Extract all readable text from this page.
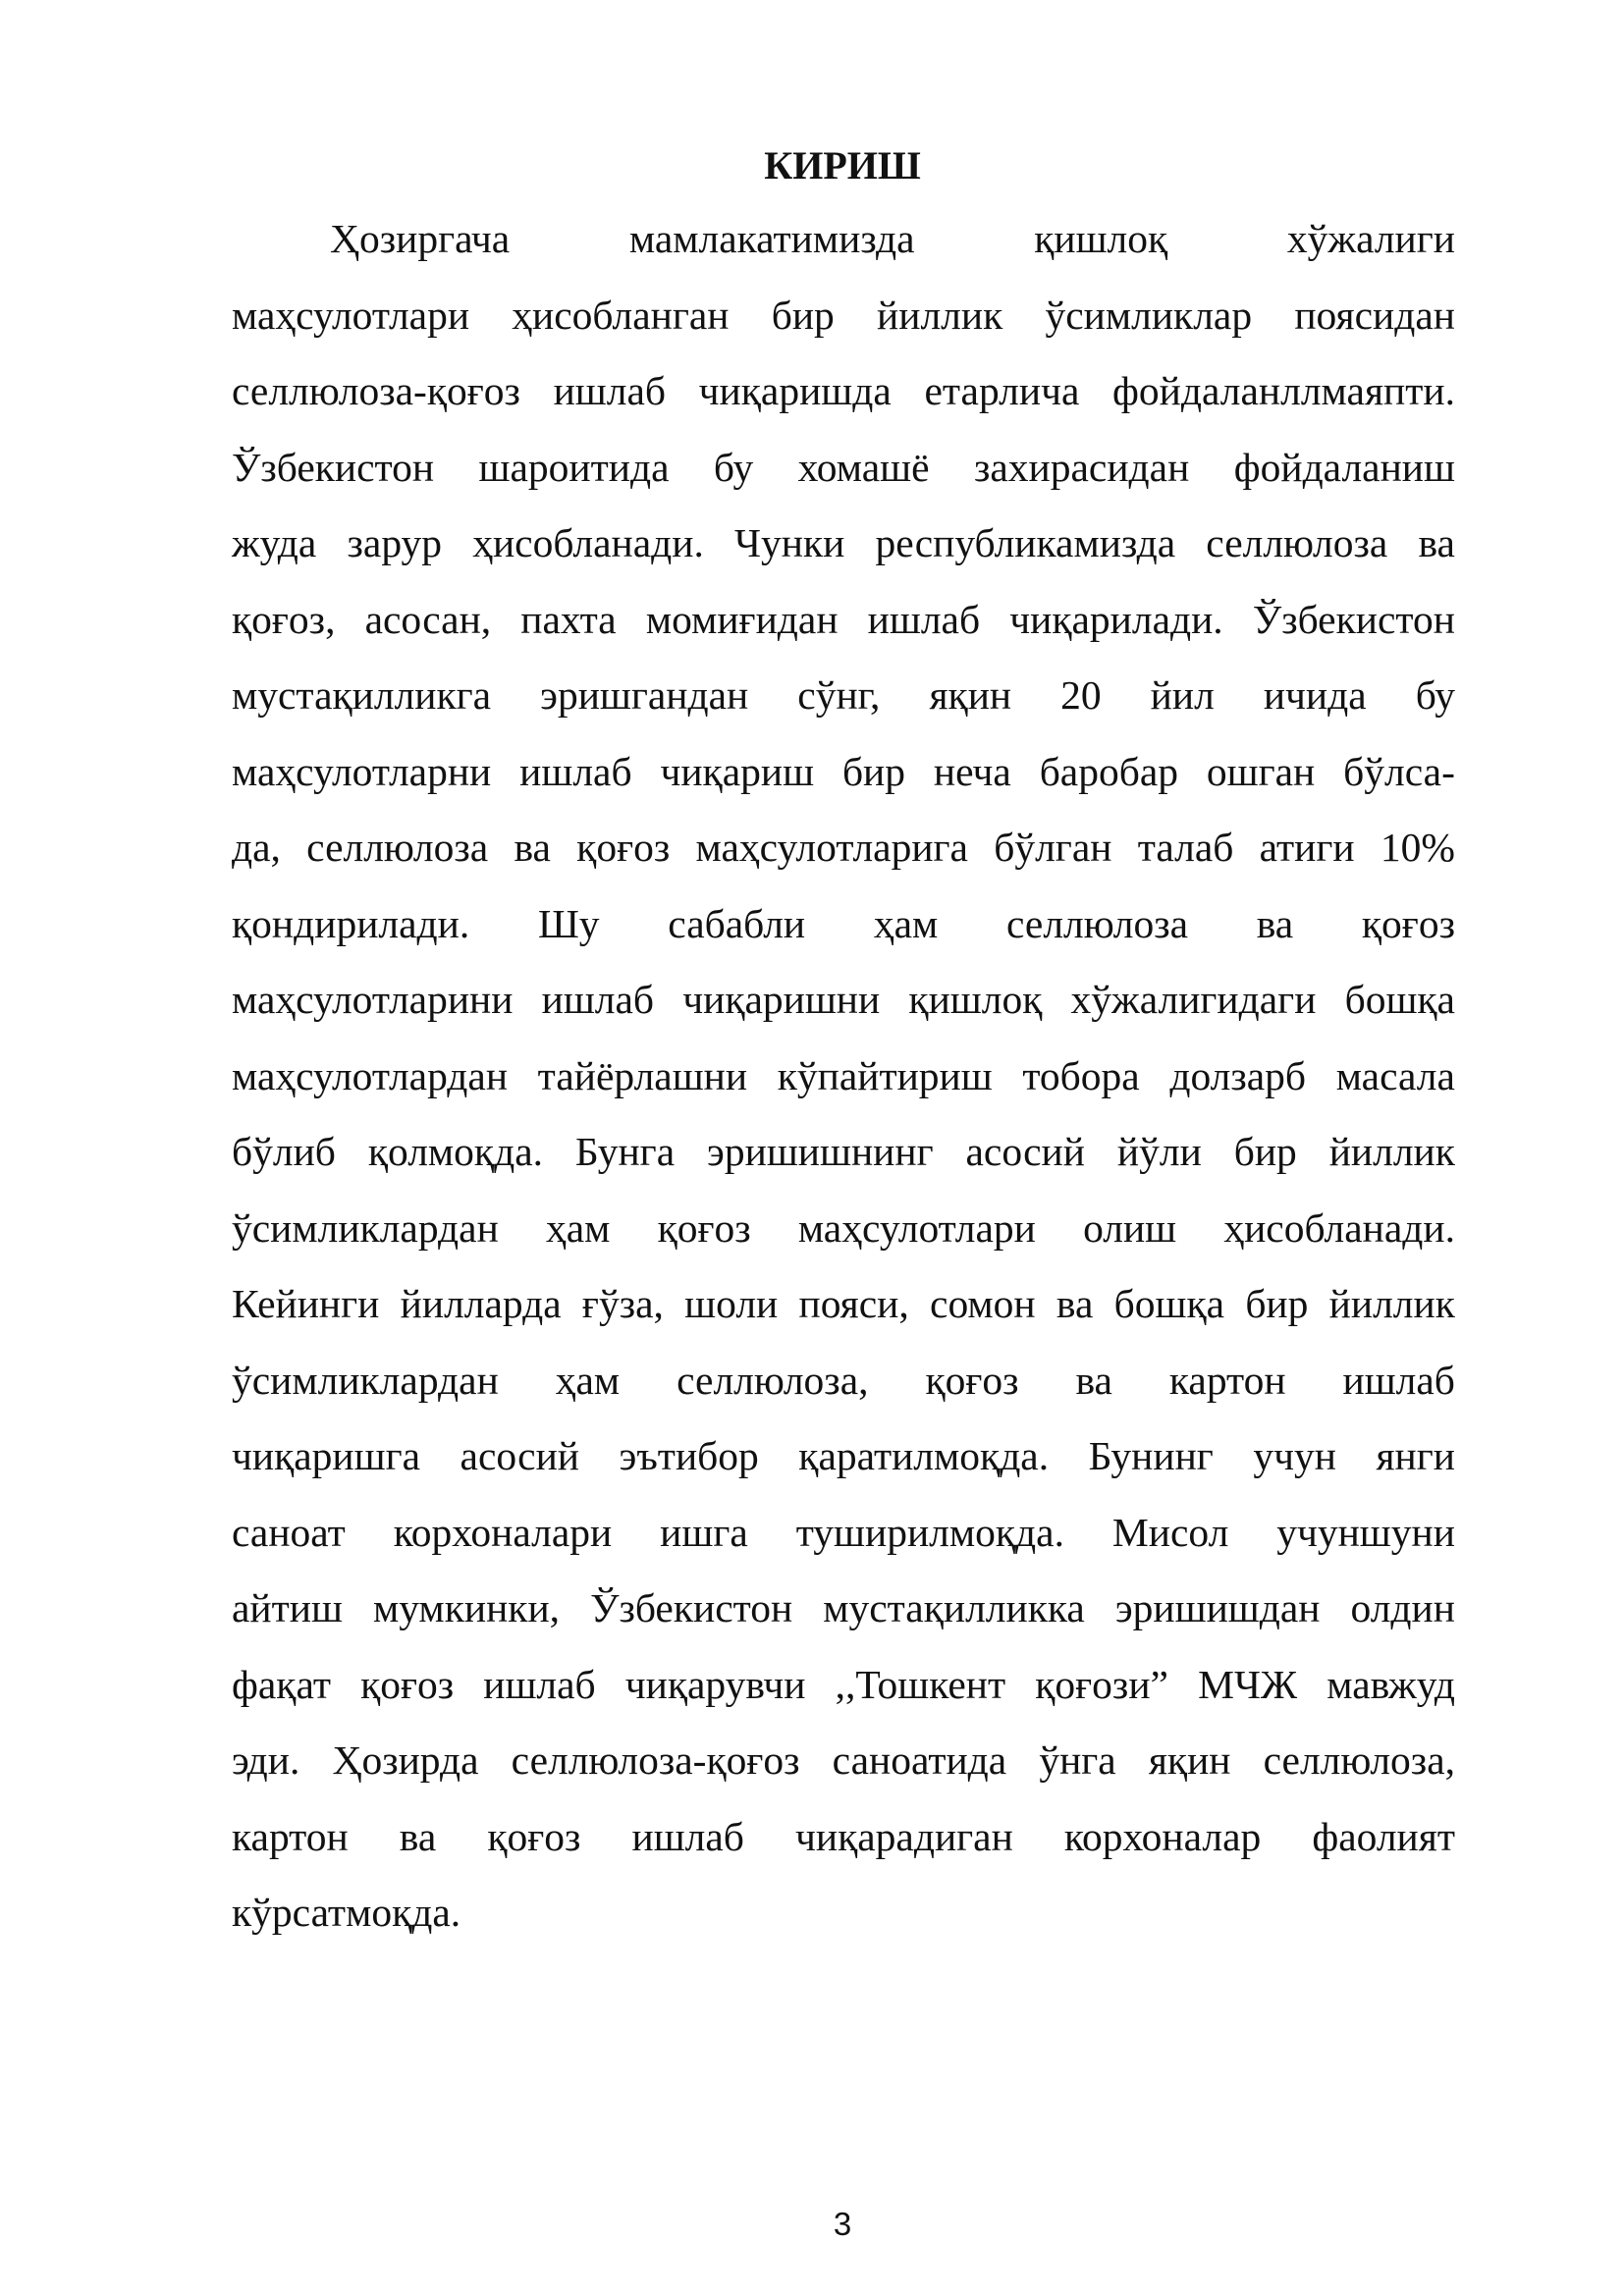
КИРИШ
Ҳозиргача	мамлакатимизда	қишлоқ	хўжалиги
маҳсулотлари ҳисобланган бир йиллик ўсимликлар поясидан
селлюлоза-қоғоз ишлаб чиқаришда етарлича фойдаланллмаяпти.
Ўзбекистон шароитида бу хомашё захирасидан фойдаланиш
жуда зарур ҳисобланади. Чунки республикамизда селлюлоза ва
қоғоз, асосан, пахта момиғидан ишлаб чиқарилади. Ўзбекистон
мустақилликга эришгандан сўнг, яқин 20 йил ичида бу
маҳсулотларни ишлаб чиқариш бир неча баробар ошган бўлса-
да, селлюлоза ва қоғоз маҳсулотларига бўлган талаб атиги 10%
қондирилади. Шу сабабли ҳам селлюлоза ва қоғоз
маҳсулотларини ишлаб чиқаришни қишлоқ хўжалигидаги бошқа
маҳсулотлардан тайёрлашни кўпайтириш тобора долзарб масала
бўлиб қолмоқда. Бунга эришишнинг асосий йўли бир йиллик
ўсимликлардан ҳам қоғоз маҳсулотлари олиш ҳисобланади.
Кейинги йилларда ғўза, шоли пояси, сомон ва бошқа бир йиллик
ўсимликлардан ҳам селлюлоза, қоғоз ва картон ишлаб
чиқаришга асосий эътибор қаратилмоқда. Бунинг учун янги
саноат корхоналари ишга туширилмоқда. Мисол учуншуни
айтиш мумкинки, Ўзбекистон мустақилликка эришишдан олдин
фақат қоғоз ишлаб чиқарувчи ,,Тошкент қоғози” МЧЖ мавжуд
эди. Ҳозирда селлюлоза-қоғоз саноатида ўнга яқин селлюлоза,
картон ва қоғоз ишлаб чиқарадиган корхоналар фаолият
кўрсатмоқда.
3
